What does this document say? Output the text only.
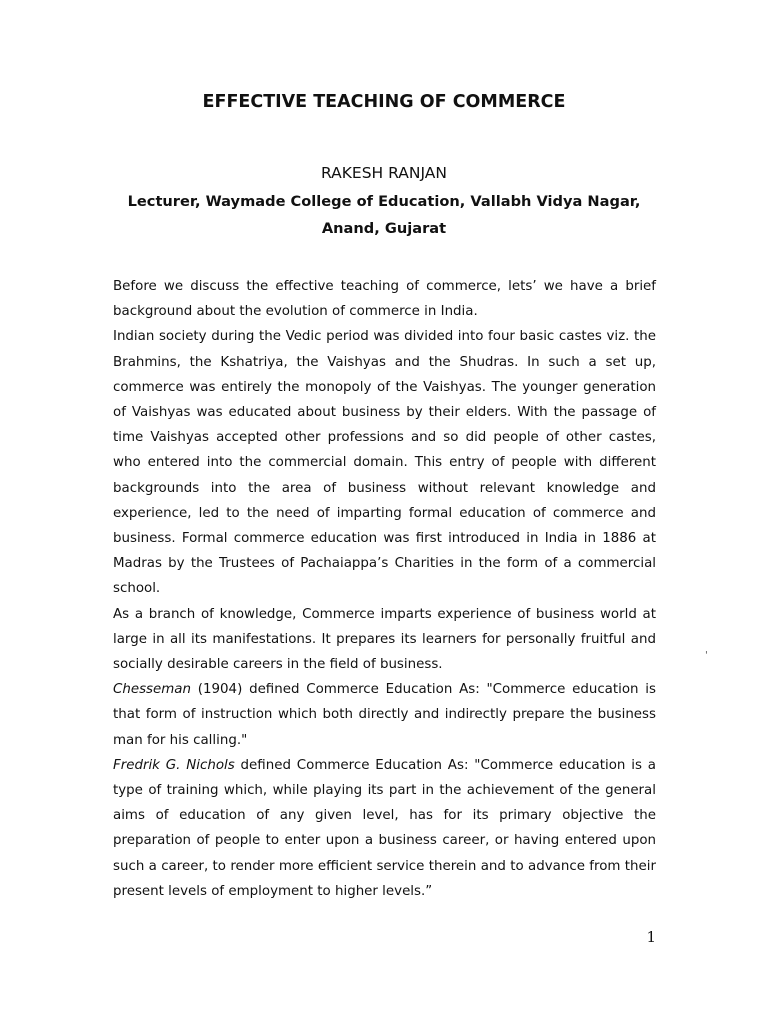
EFFECTIVE TEACHING OF COMMERCE
RAKESH RANJAN
Lecturer, Waymade College of Education, Vallabh Vidya Nagar, Anand, Gujarat

Before we discuss the effective teaching of commerce, lets’ we have a brief background about the evolution of commerce in India.

Indian society during the Vedic period was divided into four basic castes viz. the Brahmins, the Kshatriya, the Vaishyas and the Shudras. In such a set up, commerce was entirely the monopoly of the Vaishyas. The younger generation of Vaishyas was educated about business by their elders. With the passage of time Vaishyas accepted other professions and so did people of other castes, who entered into the commercial domain. This entry of people with different backgrounds into the area of business without relevant knowledge and experience, led to the need of imparting formal education of commerce and business. Formal commerce education was first introduced in India in 1886 at Madras by the Trustees of Pachaiappa’s Charities in the form of a commercial school.

As a branch of knowledge, Commerce imparts experience of business world at large in all its manifestations. It prepares its learners for personally fruitful and socially desirable careers in the field of business.

Chesseman (1904) defined Commerce Education As: "Commerce education is that form of instruction which both directly and indirectly prepare the business man for his calling."

Fredrik G. Nichols defined Commerce Education As: "Commerce education is a type of training which, while playing its part in the achievement of the general aims of education of any given level, has for its primary objective the preparation of people to enter upon a business career, or having entered upon such a career, to render more efficient service therein and to advance from their present levels of employment to higher levels.”

'
1
